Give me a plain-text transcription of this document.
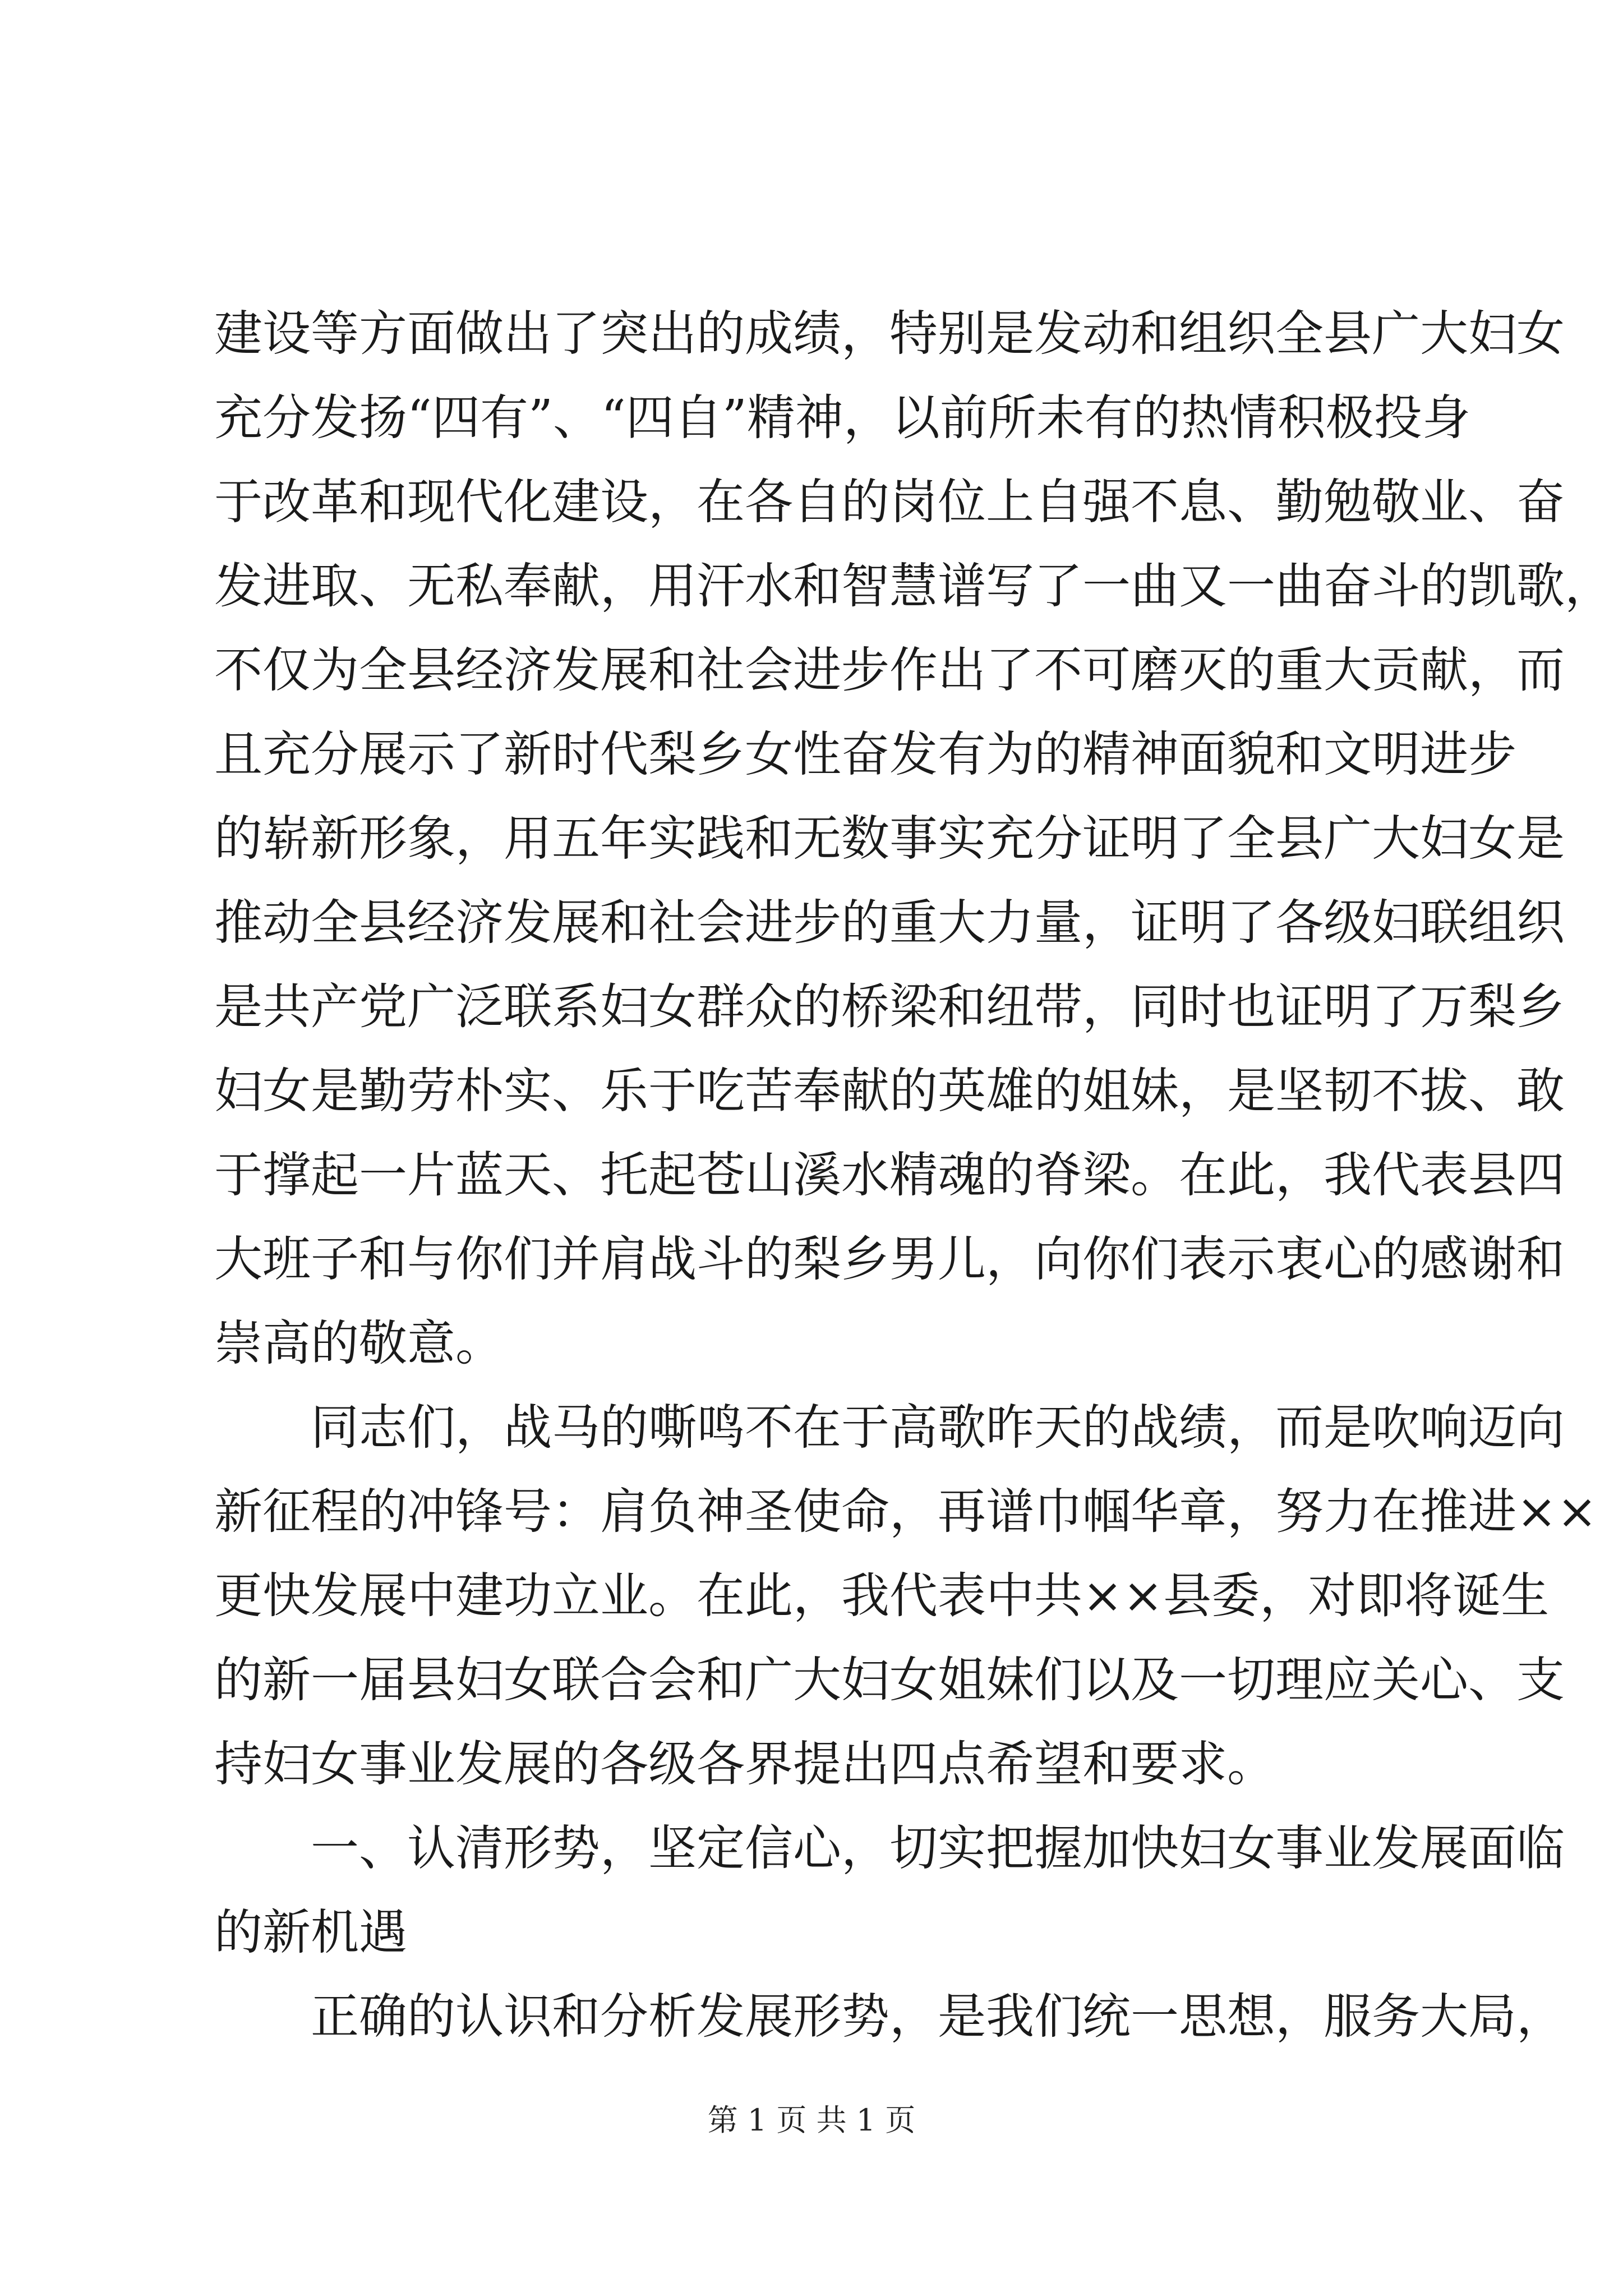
建设等方面做出了突出的成绩，特别是发动和组织全县广大妇女
充分发扬“四有”、“四自”精神，以前所未有的热情积极投身
于改革和现代化建设，在各自的岗位上自强不息、勤勉敬业、奋
发进取、无私奉献，用汗水和智慧谱写了一曲又一曲奋斗的凯歌，
不仅为全县经济发展和社会进步作出了不可磨灭的重大贡献，而
且充分展示了新时代梨乡女性奋发有为的精神面貌和文明进步
的崭新形象，用五年实践和无数事实充分证明了全县广大妇女是
推动全县经济发展和社会进步的重大力量，证明了各级妇联组织
是共产党广泛联系妇女群众的桥梁和纽带，同时也证明了万梨乡
妇女是勤劳朴实、乐于吃苦奉献的英雄的姐妹，是坚韧不拔、敢
于撑起一片蓝天、托起苍山溪水精魂的脊梁。在此，我代表县四
大班子和与你们并肩战斗的梨乡男儿，向你们表示衷心的感谢和
崇高的敬意。
同志们，战马的嘶鸣不在于高歌昨天的战绩，而是吹响迈向
新征程的冲锋号：肩负神圣使命，再谱巾帼华章，努力在推进××
更快发展中建功立业。在此，我代表中共××县委，对即将诞生
的新一届县妇女联合会和广大妇女姐妹们以及一切理应关心、支
持妇女事业发展的各级各界提出四点希望和要求。
一、认清形势，坚定信心，切实把握加快妇女事业发展面临
的新机遇
正确的认识和分析发展形势，是我们统一思想，服务大局，
第 1 页 共 1 页
